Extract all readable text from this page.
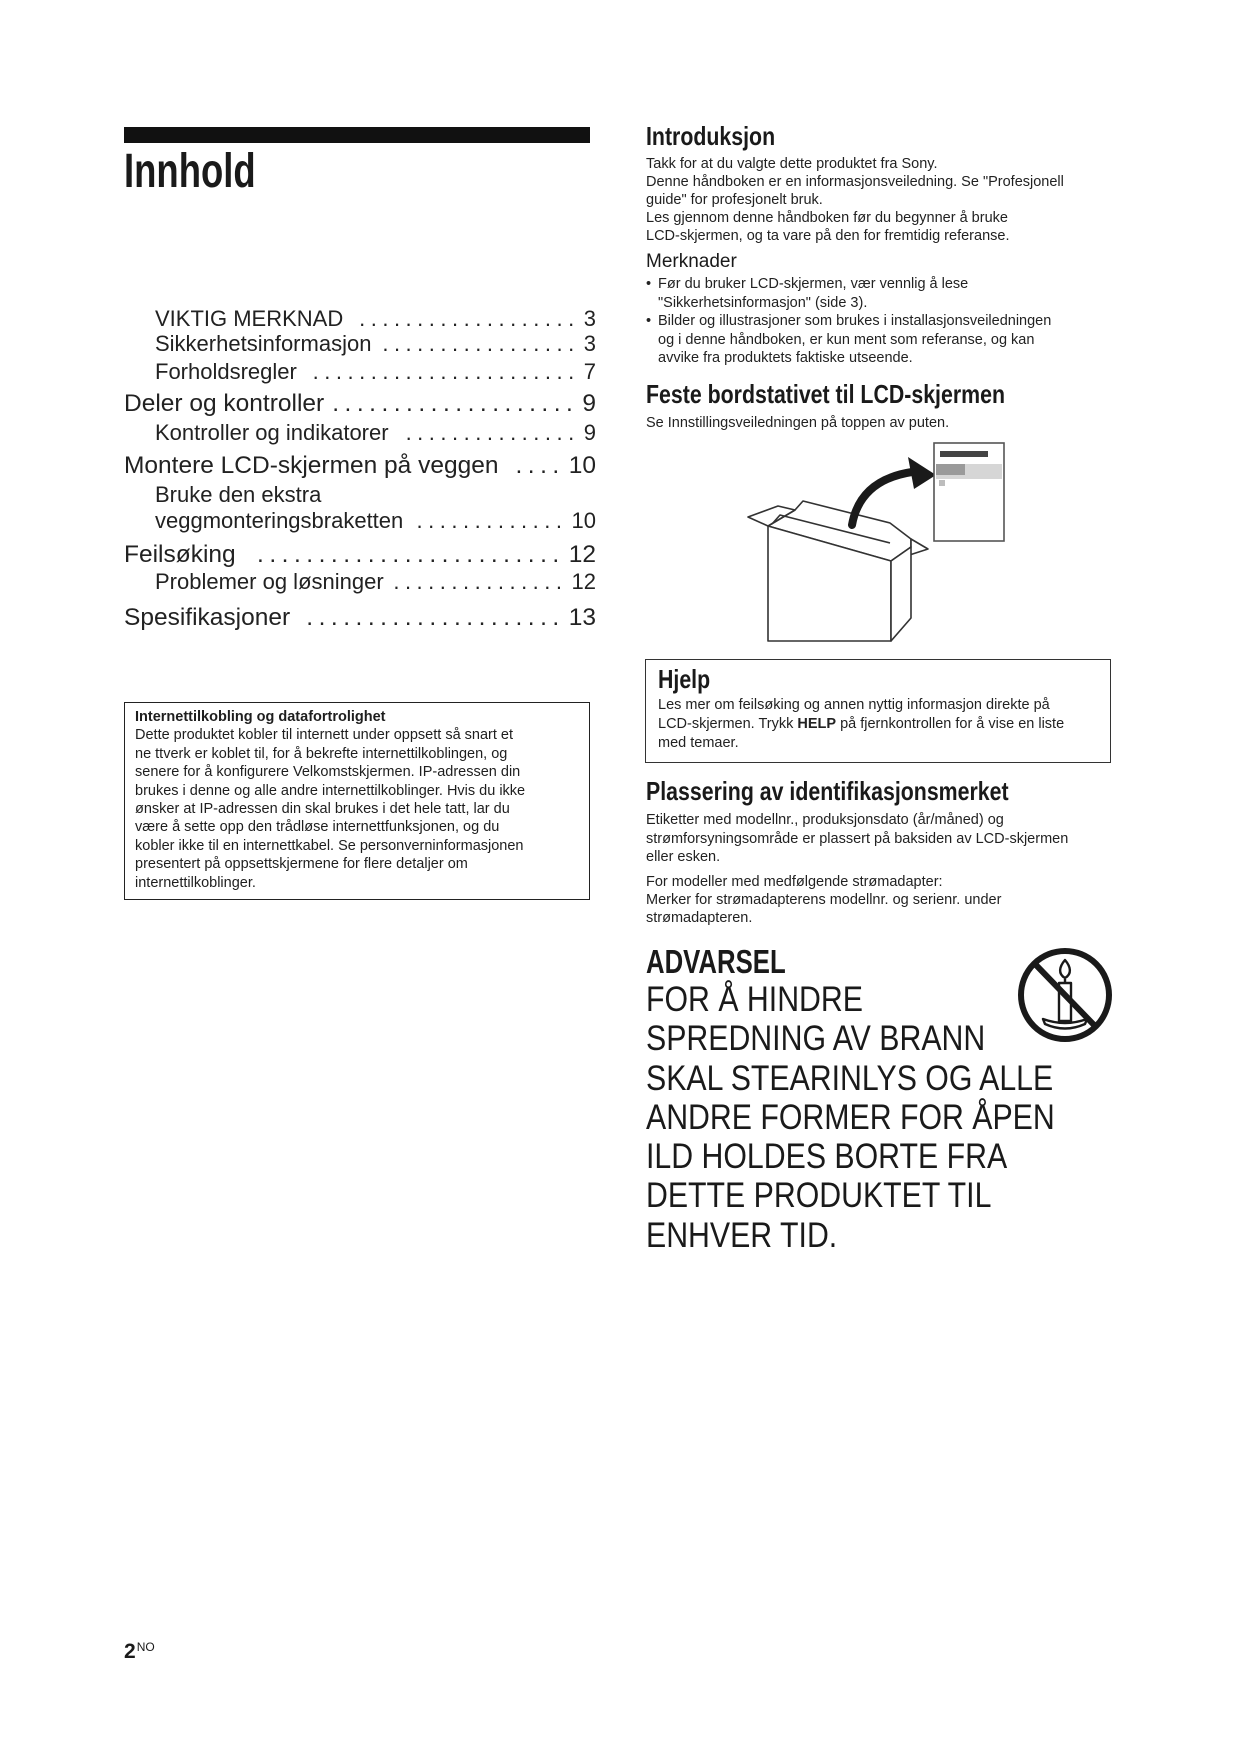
Innhold
VIKTIG MERKNAD ................... 3
Sikkerhetsinformasjon ................. 3
Forholdsregler ....................... 7
Deler og kontroller .................... 9
Kontroller og indikatorer ............... 9
Montere LCD-skjermen på veggen .... 10
Bruke den ekstra
veggmonteringsbraketten ............. 10
Feilsøking ......................... 12
Problemer og løsninger ............... 12
Spesifikasjoner ..................... 13
Internettilkobling og datafortrolighet
Dette produktet kobler til internett under oppsett så snart et
ne ttverk er koblet til, for å bekrefte internettilkoblingen, og
senere for å konfigurere Velkomstskjermen. IP-adressen din
brukes i denne og alle andre internettilkoblinger. Hvis du ikke
ønsker at IP-adressen din skal brukes i det hele tatt, lar du
være å sette opp den trådløse internettfunksjonen, og du
kobler ikke til en internettkabel. Se personverninformasjonen
presentert på oppsettskjermene for flere detaljer om
internettilkoblinger.
Introduksjon
Takk for at du valgte dette produktet fra Sony.
Denne håndboken er en informasjonsveiledning. Se "Profesjonell
guide" for profesjonelt bruk.
Les gjennom denne håndboken før du begynner å bruke
LCD-skjermen, og ta vare på den for fremtidig referanse.
Merknader
• Før du bruker LCD-skjermen, vær vennlig å lese
"Sikkerhetsinformasjon" (side 3).
• Bilder og illustrasjoner som brukes i installasjonsveiledningen
og i denne håndboken, er kun ment som referanse, og kan
avvike fra produktets faktiske utseende.
Feste bordstativet til LCD-skjermen
Se Innstillingsveiledningen på toppen av puten.
Hjelp
Les mer om feilsøking og annen nyttig informasjon direkte på
LCD-skjermen. Trykk HELP på fjernkontrollen for å vise en liste
med temaer.
Plassering av identifikasjonsmerket
Etiketter med modellnr., produksjonsdato (år/måned) og
strømforsyningsområde er plassert på baksiden av LCD-skjermen
eller esken.
For modeller med medfølgende strømadapter:
Merker for strømadapterens modellnr. og serienr. under
strømadapteren.
ADVARSEL
FOR Å HINDRE
SPREDNING AV BRANN
SKAL STEARINLYS OG ALLE
ANDRE FORMER FOR ÅPEN
ILD HOLDES BORTE FRA
DETTE PRODUKTET TIL
ENHVER TID.
$2^{NO}$
